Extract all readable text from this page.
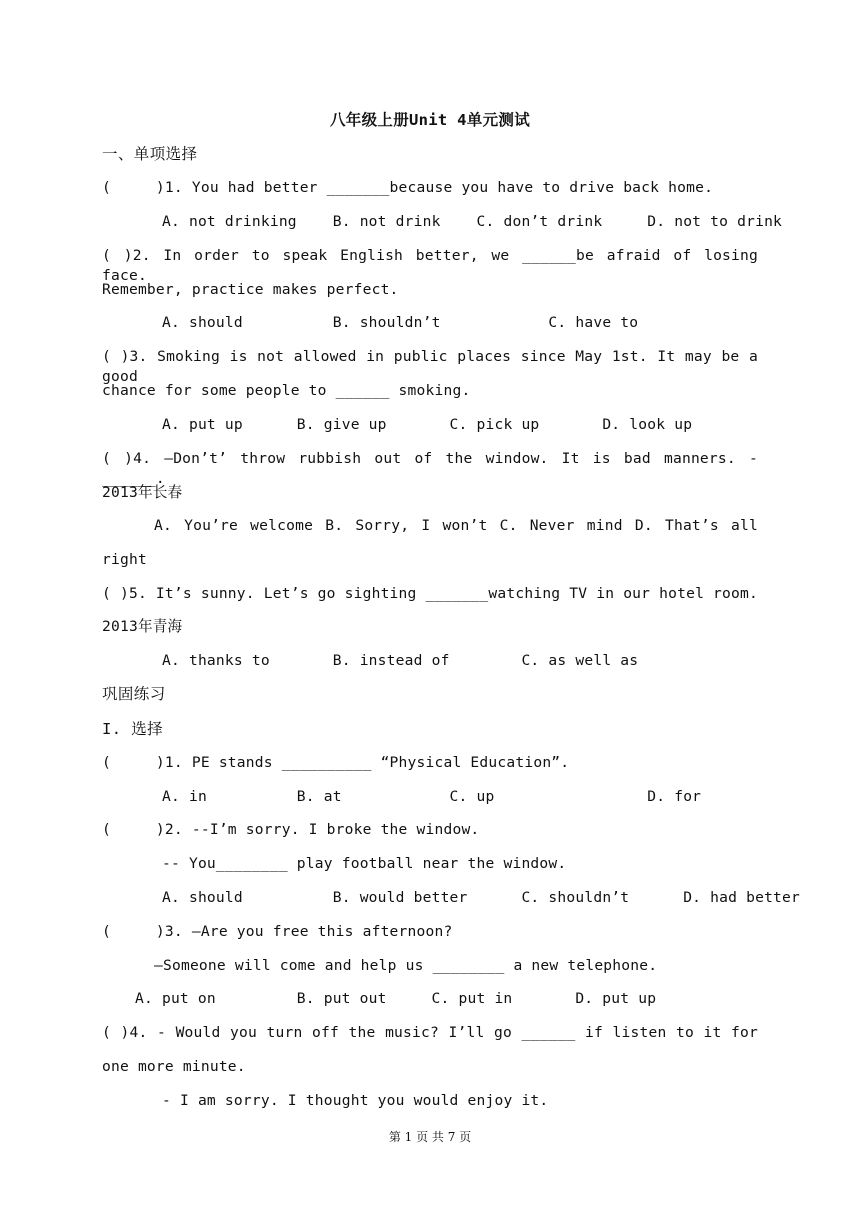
八年级上册Unit 4单元测试
一、单项选择
(     )1. You had better _______because you have to drive back home.
A. not drinking    B. not drink    C. don’t drink     D. not to drink
( )2. In order to speak English better, we ______be afraid of losing face.
Remember, practice makes perfect.
A. should          B. shouldn’t            C. have to
( )3. Smoking is not allowed in public places since May 1st. It may be a good
chance for some people to ______ smoking.
A. put up      B. give up       C. pick up       D. look up
( )4. –Don’t’ throw rubbish out of the window. It is bad manners. -______.
2013年长春
A. You’re welcome B. Sorry, I won’t C. Never mind D. That’s all
right
( )5. It’s sunny. Let’s go sighting _______watching TV in our hotel room.
2013年青海
A. thanks to       B. instead of        C. as well as
巩固练习
I. 选择
(     )1. PE stands __________ “Physical Education”.
A. in          B. at            C. up                 D. for
(     )2. --I’m sorry. I broke the window.
-- You________ play football near the window.
A. should          B. would better      C. shouldn’t      D. had better
(     )3. —Are you free this afternoon?
—Someone will come and help us ________ a new telephone.
A. put on         B. put out     C. put in       D. put up
( )4. - Would you turn off the music? I’ll go ______ if listen to it for
one more minute.
- I am sorry. I thought you would enjoy it.
第 1 页 共 7 页
